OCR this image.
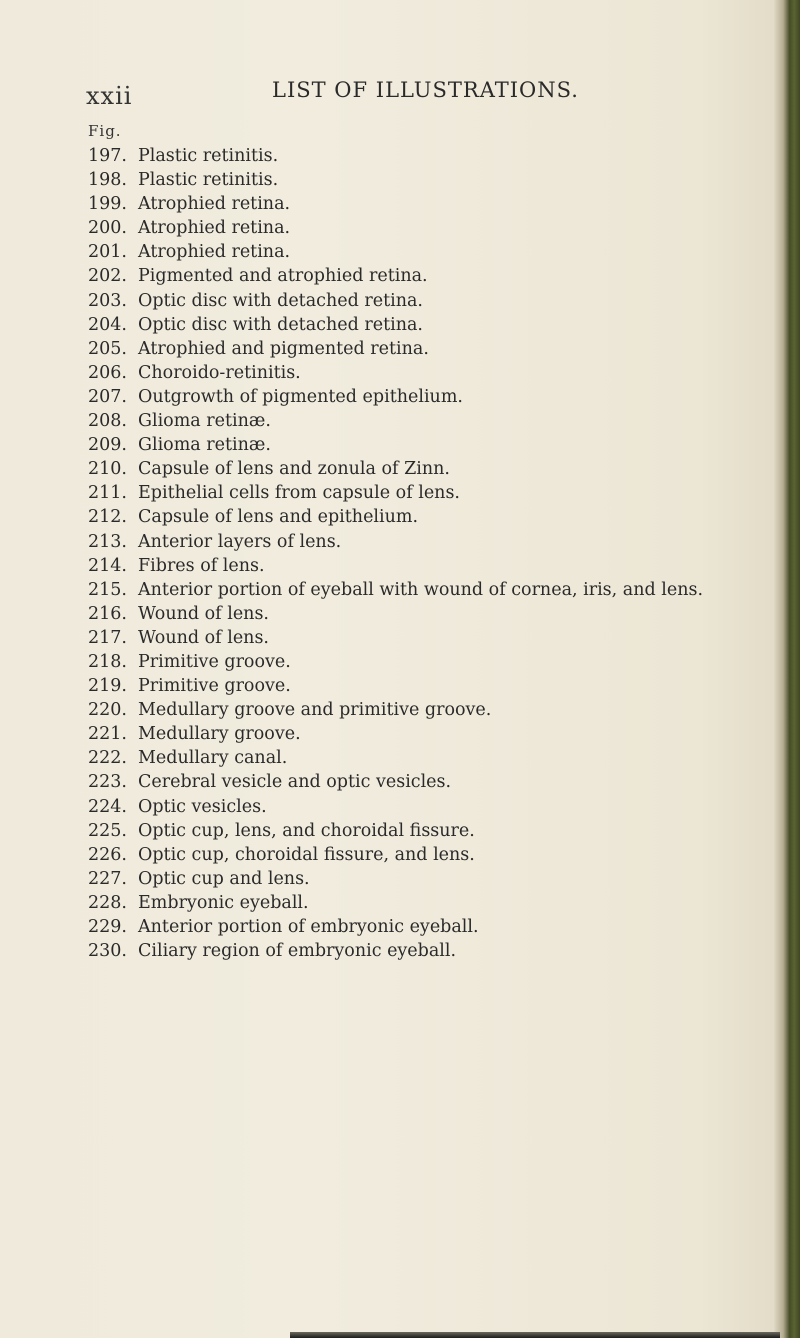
xxii	LIST OF ILLUSTRATIONS.
Fig.
197. Plastic retinitis.
198. Plastic retinitis.
199. Atrophied retina.
200. Atrophied retina.
201. Atrophied retina.
202. Pigmented and atrophied retina.
203. Optic disc with detached retina.
204. Optic disc with detached retina.
205. Atrophied and pigmented retina.
206. Choroido-retinitis.
207. Outgrowth of pigmented epithelium.
208. Glioma retinæ.
209. Glioma retinæ.
210. Capsule of lens and zonula of Zinn.
211. Epithelial cells from capsule of lens.
212. Capsule of lens and epithelium.
213. Anterior layers of lens.
214. Fibres of lens.
215. Anterior portion of eyeball with wound of cornea, iris, and lens.
216. Wound of lens.
217. Wound of lens.
218. Primitive groove.
219. Primitive groove.
220. Medullary groove and primitive groove.
221. Medullary groove.
222. Medullary canal.
223. Cerebral vesicle and optic vesicles.
224. Optic vesicles.
225. Optic cup, lens, and choroidal fissure.
226. Optic cup, choroidal fissure, and lens.
227. Optic cup and lens.
228. Embryonic eyeball.
229. Anterior portion of embryonic eyeball.
230. Ciliary region of embryonic eyeball.
